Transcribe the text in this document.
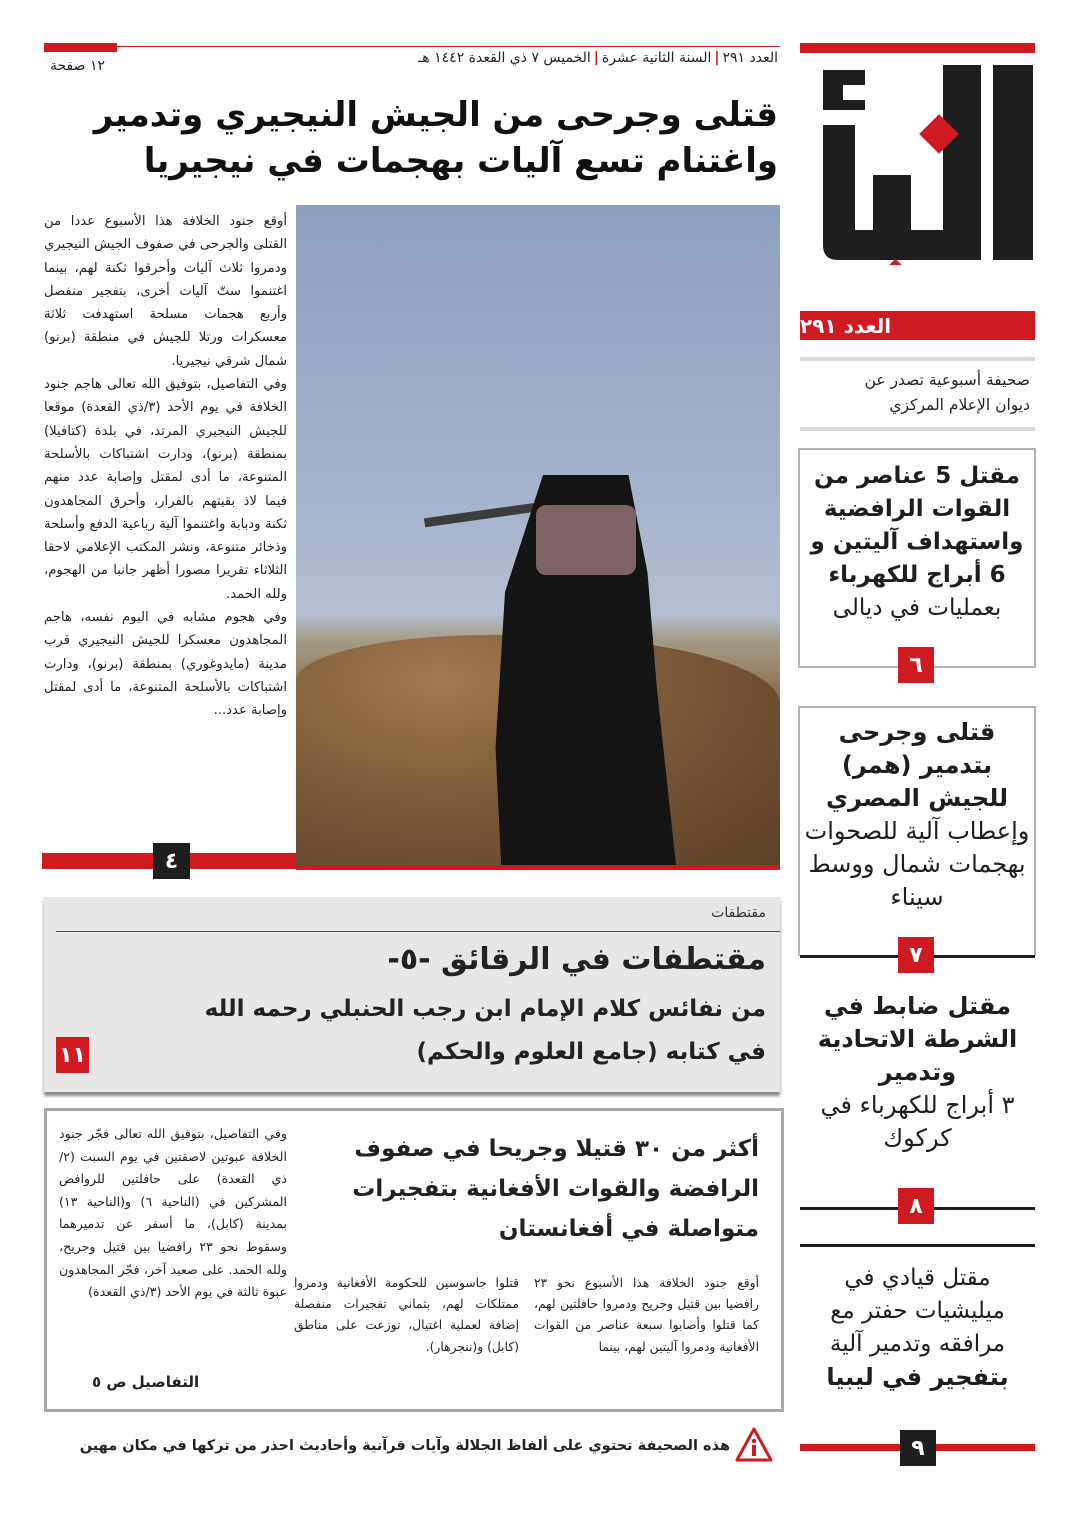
العدد ٢٩١|السنة الثانية عشرة|الخميس ٧ ذي القعدة ١٤٤٢ هـ
١٢ صفحة
قتلى وجرحى من الجيش النيجيري وتدمير واغتنام تسع آليات بهجمات في نيجيريا

أوقع جنود الخلافة هذا الأسبوع عددا من القتلى والجرحى في صفوف الجيش النيجيري ودمروا ثلاث آليات وأحرقوا ثكنة لهم، بينما اغتنموا ستّ آليات أخرى، بتفجير منفصل وأربع هجمات مسلحة استهدفت ثلاثة معسكرات ورتلا للجيش في منطقة (برنو) شمال شرقي نيجيريا.

وفي التفاصيل، بتوفيق الله تعالى هاجم جنود الخلافة في يوم الأحد (٣/ذي القعدة) موقعا للجيش النيجيري المرتد، في بلدة (كتافيلا) بمنطقة (برنو)، ودارت اشتباكات بالأسلحة المتنوعة، ما أدى لمقتل وإصابة عدد منهم فيما لاذ بقيتهم بالفرار، وأحرق المجاهدون ثكنة ودبابة واغتنموا آلية رباعية الدفع وأسلحة وذخائر متنوعة، ونشر المكتب الإعلامي لاحقا الثلاثاء تقريرا مصورا أظهر جانبا من الهجوم، ولله الحمد.

وفي هجوم مشابه في اليوم نفسه، هاجم المجاهدون معسكرا للجيش النيجيري قرب مدينة (مايدوغوري) بمنطقة (برنو)، ودارت اشتباكات بالأسلحة المتنوعة، ما أدى لمقتل وإصابة عدد...

٤
مقتطفات
مقتطفات في الرقائق -٥-
من نفائس كلام الإمام ابن رجب الحنبلي رحمه الله
في كتابه (جامع العلوم والحكم)
١١
أكثر من ٣٠ قتيلا وجريحا في صفوف الرافضة والقوات الأفغانية بتفجيرات متواصلة في أفغانستان
أوقع جنود الخلافة هذا الأسبوع نحو ٢٣ رافضيا بين قتيل وجريح ودمروا حافلتين لهم، كما قتلوا وأصابوا سبعة عناصر من القوات الأفغانية ودمروا آليتين لهم، بينما
قتلوا جاسوسين للحكومة الأفغانية ودمروا ممتلكات لهم، بثماني تفجيرات منفصلة إضافة لعملية اغتيال، توزعت على مناطق (كابل) و(ننجرهار).
وفي التفاصيل، بتوفيق الله تعالى فجّر جنود الخلافة عبوتين لاصقتين في يوم السبت (٢/ذي القعدة) على حافلتين للروافض المشركين في (الناحية ٦) و(الناحية ١٣) بمدينة (كابل)، ما أسفر عن تدميرهما وسقوط نحو ٢٣ رافضيا بين قتيل وجريح، ولله الحمد. على صعيد آخر، فجّر المجاهدون عبوة ثالثة في يوم الأحد (٣/ذي القعدة)
التفاصيل ص ٥
هذه الصحيفة تحتوي على ألفاظ الجلالة وآيات قرآنية وأحاديث احذر من تركها في مكان مهين
العدد ٢٩١
صحيفة أسبوعية تصدر عن
ديوان الإعلام المركزي
مقتل 5 عناصر من القوات الرافضية واستهداف آليتين و 6 أبراج للكهرباء
بعمليات في ديالى
٦
قتلى وجرحى بتدمير (همر) للجيش المصري
وإعطاب آلية للصحوات بهجمات شمال ووسط سيناء
٧
مقتل ضابط في الشرطة الاتحادية وتدمير
٣ أبراج للكهرباء في كركوك
٨
مقتل قيادي في ميليشيات حفتر مع مرافقه وتدمير آلية
بتفجير في ليبيا
٩
